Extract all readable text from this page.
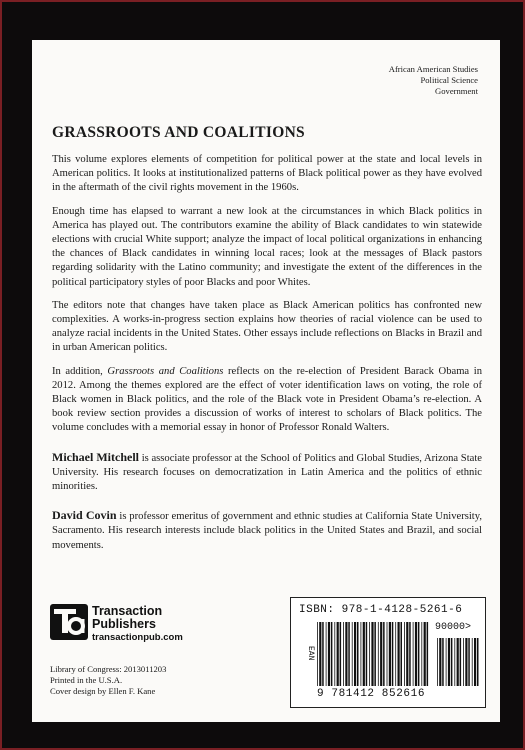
African American Studies
Political Science
Government
GRASSROOTS AND COALITIONS

This volume explores elements of competition for political power at the state and local levels in American politics. It looks at institutionalized patterns of Black political power as they have evolved in the aftermath of the civil rights movement in the 1960s.

Enough time has elapsed to warrant a new look at the circumstances in which Black politics in America has played out. The contributors examine the ability of Black candidates to win statewide elections with crucial White support; analyze the impact of local political organizations in enhancing the chances of Black candidates in winning local races; look at the messages of Black pastors regarding solidarity with the Latino community; and investigate the extent of the differences in the political participatory styles of poor Blacks and poor Whites.

The editors note that changes have taken place as Black American politics has confronted new complexities. A works-in-progress section explains how theories of racial violence can be used to analyze racial incidents in the United States. Other essays include reflections on Blacks in Brazil and in urban American politics.

In addition, Grassroots and Coalitions reflects on the re-election of President Barack Obama in 2012. Among the themes explored are the effect of voter identification laws on voting, the role of Black women in Black politics, and the role of the Black vote in President Obama’s re-election. A book review section provides a discussion of works of interest to scholars of Black politics. The volume concludes with a memorial essay in honor of Professor Ronald Walters.

Michael Mitchell is associate professor at the School of Politics and Global Studies, Arizona State University. His research focuses on democratization in Latin America and the politics of ethnic minorities.

David Covin is professor emeritus of government and ethnic studies at California State University, Sacramento. His research interests include black politics in the United States and Brazil, and social movements.

Transaction
Publishers
transactionpub.com
Library of Congress: 2013011203
Printed in the U.S.A.
Cover design by Ellen F. Kane
ISBN: 978-1-4128-5261-6
EAN
90000>
9 781412 852616
